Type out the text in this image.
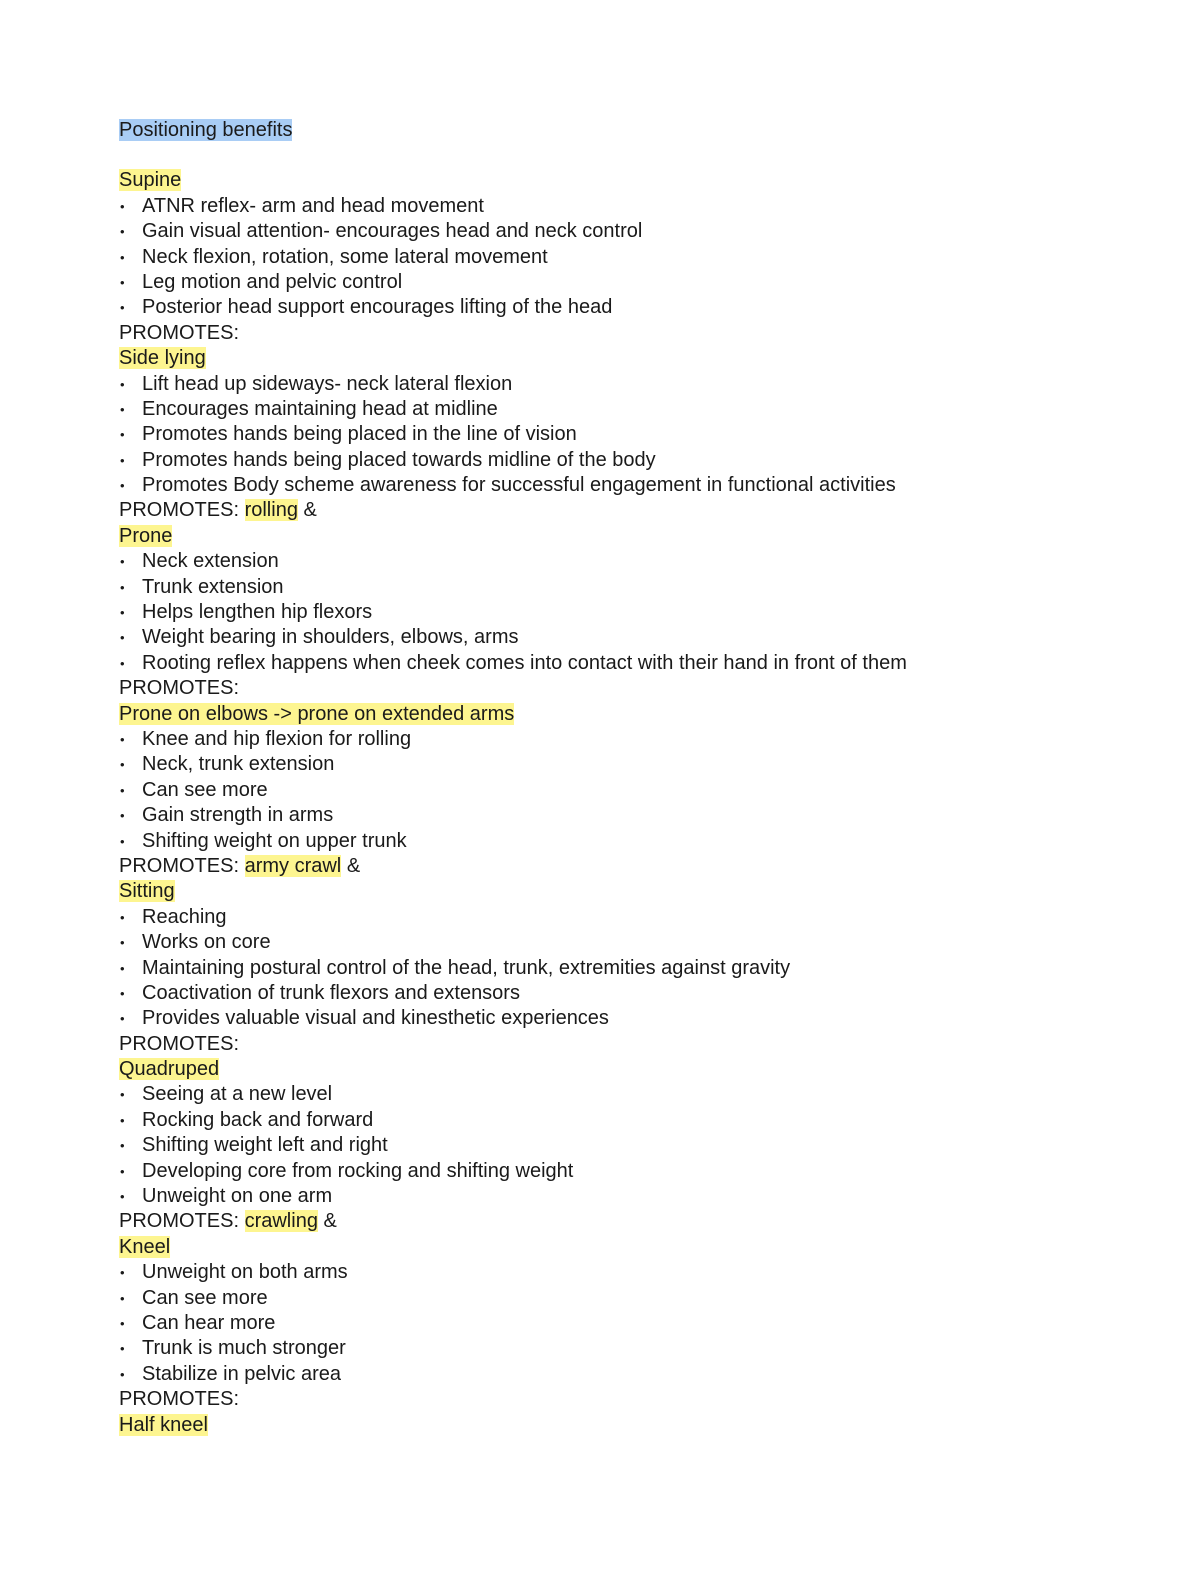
Positioning benefits
Supine
• ATNR reflex- arm and head movement
• Gain visual attention- encourages head and neck control
• Neck flexion, rotation, some lateral movement
• Leg motion and pelvic control
• Posterior head support encourages lifting of the head
PROMOTES:
Side lying
• Lift head up sideways- neck lateral flexion
• Encourages maintaining head at midline
• Promotes hands being placed in the line of vision
• Promotes hands being placed towards midline of the body
• Promotes Body scheme awareness for successful engagement in functional activities
PROMOTES: rolling &
Prone
• Neck extension
• Trunk extension
• Helps lengthen hip flexors
• Weight bearing in shoulders, elbows, arms
• Rooting reflex happens when cheek comes into contact with their hand in front of them
PROMOTES:
Prone on elbows -> prone on extended arms
• Knee and hip flexion for rolling
• Neck, trunk extension
• Can see more
• Gain strength in arms
• Shifting weight on upper trunk
PROMOTES: army crawl &
Sitting
• Reaching
• Works on core
• Maintaining postural control of the head, trunk, extremities against gravity
• Coactivation of trunk flexors and extensors
• Provides valuable visual and kinesthetic experiences
PROMOTES:
Quadruped
• Seeing at a new level
• Rocking back and forward
• Shifting weight left and right
• Developing core from rocking and shifting weight
• Unweight on one arm
PROMOTES: crawling &
Kneel
• Unweight on both arms
• Can see more
• Can hear more
• Trunk is much stronger
• Stabilize in pelvic area
PROMOTES:
Half kneel
